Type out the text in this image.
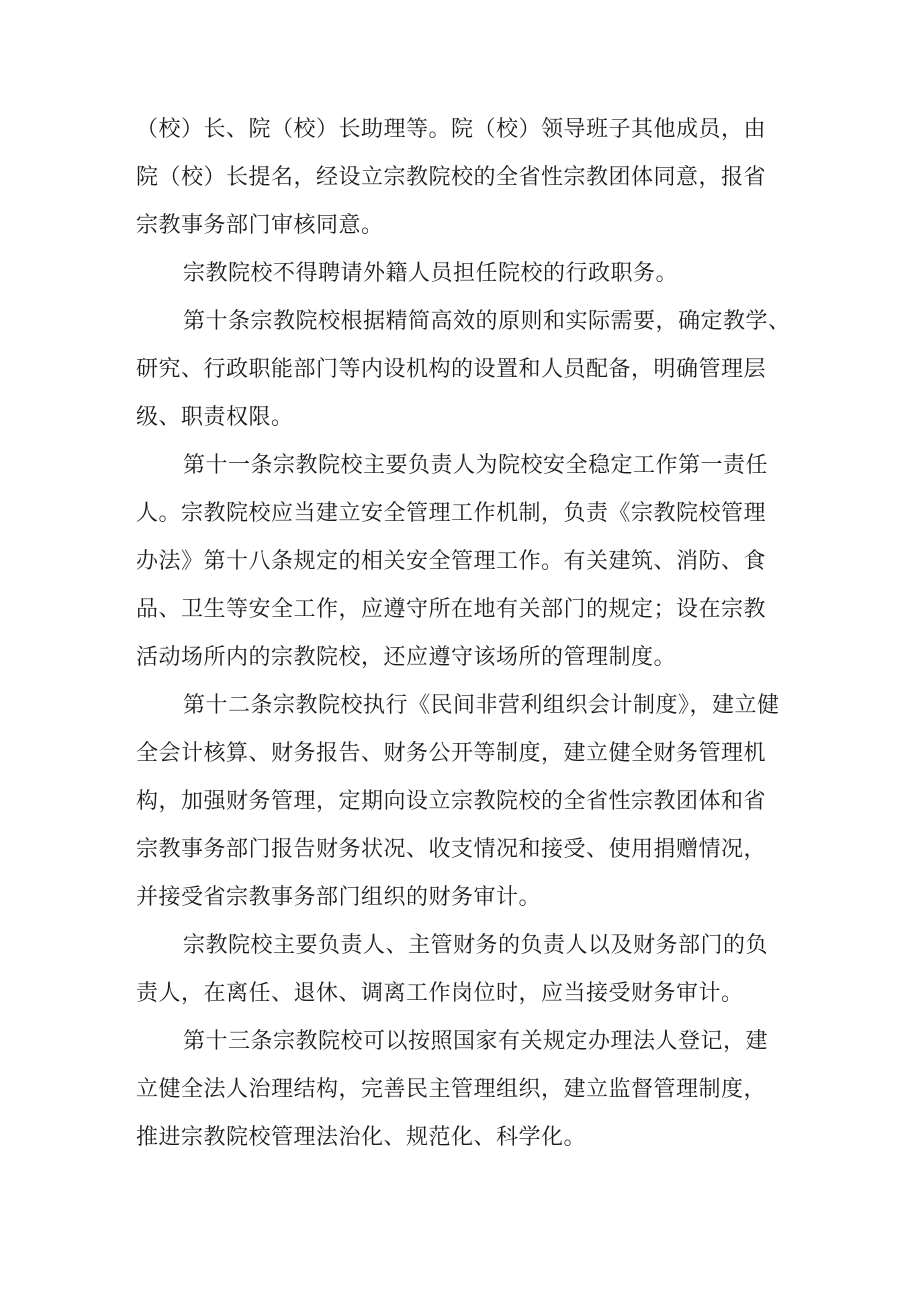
（校）长、院（校）长助理等。院（校）领导班子其他成员，由
院（校）长提名，经设立宗教院校的全省性宗教团体同意，报省
宗教事务部门审核同意。
宗教院校不得聘请外籍人员担任院校的行政职务。
第十条宗教院校根据精简高效的原则和实际需要，确定教学、
研究、行政职能部门等内设机构的设置和人员配备，明确管理层
级、职责权限。
第十一条宗教院校主要负责人为院校安全稳定工作第一责任
人。宗教院校应当建立安全管理工作机制，负责《宗教院校管理
办法》第十八条规定的相关安全管理工作。有关建筑、消防、食
品、卫生等安全工作，应遵守所在地有关部门的规定；设在宗教
活动场所内的宗教院校，还应遵守该场所的管理制度。
第十二条宗教院校执行《民间非营利组织会计制度》，建立健
全会计核算、财务报告、财务公开等制度，建立健全财务管理机
构，加强财务管理，定期向设立宗教院校的全省性宗教团体和省
宗教事务部门报告财务状况、收支情况和接受、使用捐赠情况，
并接受省宗教事务部门组织的财务审计。
宗教院校主要负责人、主管财务的负责人以及财务部门的负
责人，在离任、退休、调离工作岗位时，应当接受财务审计。
第十三条宗教院校可以按照国家有关规定办理法人登记，建
立健全法人治理结构，完善民主管理组织，建立监督管理制度，
推进宗教院校管理法治化、规范化、科学化。
